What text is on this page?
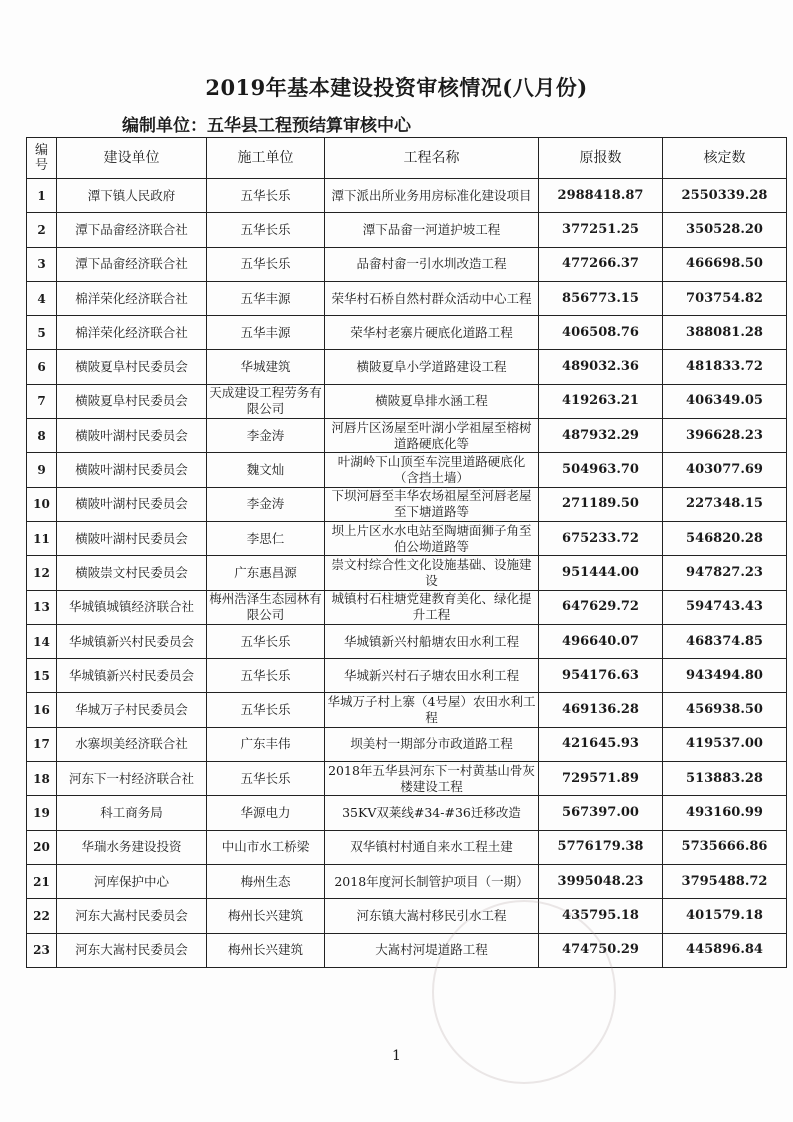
2019年基本建设投资审核情况(八月份)
编制单位：五华县工程预结算审核中心
编号	建设单位	施工单位	工程名称	原报数	核定数
1	潭下镇人民政府	五华长乐	潭下派出所业务用房标准化建设项目	2988418.87	2550339.28
2	潭下品畲经济联合社	五华长乐	潭下品畲一河道护坡工程	377251.25	350528.20
3	潭下品畲经济联合社	五华长乐	品畲村畲一引水圳改造工程	477266.37	466698.50
4	棉洋荣化经济联合社	五华丰源	荣华村石桥自然村群众活动中心工程	856773.15	703754.82
5	棉洋荣化经济联合社	五华丰源	荣华村老寨片硬底化道路工程	406508.76	388081.28
6	横陂夏阜村民委员会	华城建筑	横陂夏阜小学道路建设工程	489032.36	481833.72
7	横陂夏阜村民委员会	天成建设工程劳务有限公司	横陂夏阜排水涵工程	419263.21	406349.05
8	横陂叶湖村民委员会	李金涛	河唇片区汤屋至叶湖小学祖屋至榕树道路硬底化等	487932.29	396628.23
9	横陂叶湖村民委员会	魏文灿	叶湖岭下山顶至车浣里道路硬底化（含挡土墙）	504963.70	403077.69
10	横陂叶湖村民委员会	李金涛	下坝河唇至丰华农场祖屋至河唇老屋至下塘道路等	271189.50	227348.15
11	横陂叶湖村民委员会	李思仁	坝上片区水水电站至陶塘面狮子角至伯公坳道路等	675233.72	546820.28
12	横陂崇文村民委员会	广东惠昌源	崇文村综合性文化设施基础、设施建设	951444.00	947827.23
13	华城镇城镇经济联合社	梅州浩泽生态园林有限公司	城镇村石柱塘党建教育美化、绿化提升工程	647629.72	594743.43
14	华城镇新兴村民委员会	五华长乐	华城镇新兴村船塘农田水利工程	496640.07	468374.85
15	华城镇新兴村民委员会	五华长乐	华城新兴村石子塘农田水利工程	954176.63	943494.80
16	华城万子村民委员会	五华长乐	华城万子村上寨（4号屋）农田水利工程	469136.28	456938.50
17	水寨坝美经济联合社	广东丰伟	坝美村一期部分市政道路工程	421645.93	419537.00
18	河东下一村经济联合社	五华长乐	2018年五华县河东下一村黄基山骨灰楼建设工程	729571.89	513883.28
19	科工商务局	华源电力	35KV双莱线#34-#36迁移改造	567397.00	493160.99
20	华瑞水务建设投资	中山市水工桥梁	双华镇村村通自来水工程土建	5776179.38	5735666.86
21	河库保护中心	梅州生态	2018年度河长制管护项目（一期）	3995048.23	3795488.72
22	河东大嵩村民委员会	梅州长兴建筑	河东镇大嵩村移民引水工程	435795.18	401579.18
23	河东大嵩村民委员会	梅州长兴建筑	大嵩村河堤道路工程	474750.29	445896.84
1
